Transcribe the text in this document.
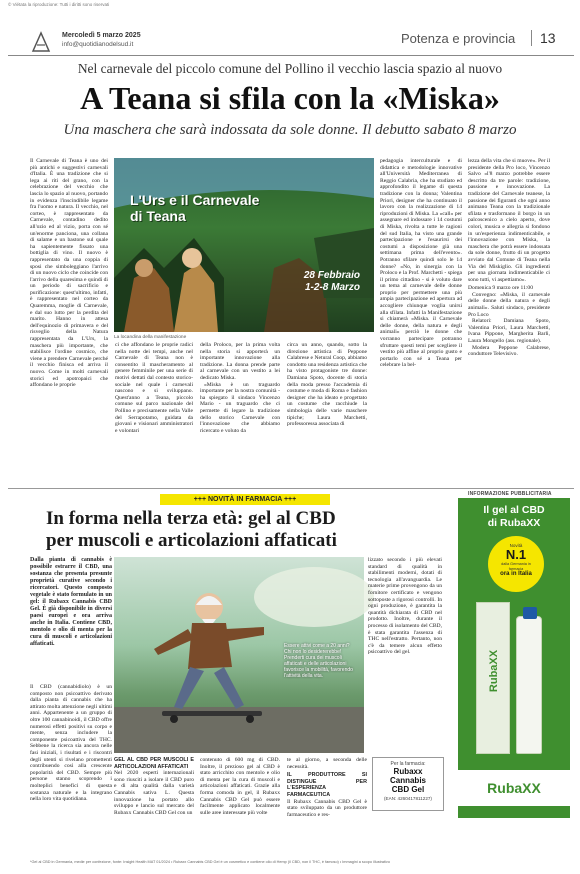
© Viétata la riproduzione: Tutti i diritti sono riservati
Mercoledì 5 marzo 2025
info@quotidianodelsud.it	Potenza e provincia 13
Nel carnevale del piccolo comune del Pollino il vecchio lascia spazio al nuovo
A Teana si sfila con la «Miska»
Una maschera che sarà indossata da sole donne. Il debutto sabato 8 marzo
L'Urs e il Carnevale
di Teana
28 Febbraio
1-2-8 Marzo
La locandina della manifestazione

Il Carnevale di Teana è uno dei più antichi e suggestivi carnevali d'Italia. È una tradizione che si lega ai riti del grano, con la celebrazione del vecchio che lascia lo spazio al nuovo, portando in evidenza l'inscindibile legame fra l'uomo e natura. Il vecchio, nel corteo, è rappresentato da Carnevale, contadino dedito all'ozio ed al vizio, porta con sé un'enorme panciona, una collana di salame e un bastone sul quale ha sapientemente fissato una bottiglia di vino. Il nuovo è rappresentato da una coppia di sposi che simboleggiano l'arrivo di un nuovo ciclo che coincide con l'arrivo della quaresima e quindi di un periodo di sacrificio e purificazione: quest'ultimo, infatti, è rappresentato nel corteo da Quaremma, moglie di Carnevale, e dal suo lutto per la perdita del marito. Hanno in attesa dell'equinozio di primavera e del risveglio della Natura rappresentata da L'Urs, la maschera più importante, che stabilisce l'ordine cosmico, che viene a prendere Carnevale perché il vecchio finisca ed arriva il nuovo. Come in molti carnevali storici ed apotropaici che affondano le proprie

ci che affondano le proprie radici nella notte dei tempi, anche nel Carnevale di Teana non è consentito il mascheramento al genere femminile per una serie di motivi dettati dal contesto storico-sociale nel quale i carnevali nascono e si sviluppano. Quest'anno a Teana, piccolo comune sul parco nazionale del Pollino e precisamente nella Valle del Serrapotamo, guidata da giovani e visionari amministratori e volontari

della Proloco, per la prima volta nella storia si apporterà un importante innovazione alla tradizione. La donna prende parte al carnevale con un vestito a lei dedicato Miska.

«Miska è un traguardo importante per la nostra comunità - ha spiegato il sindaco Vincenzo Mario - un traguardo che ci permette di legare la tradizione dello storico Carnevale con l'innovazione che abbiamo ricercato e voluto da

circa un anno, quando, sotto la direzione artistica di Peppone Calabrese e Netural Coop, abbiamo condotto una residenza artistica che ha visto protagoniste tre donne: Damiana Spoto, docente di storia della moda presso l'accademia di costume e moda di Roma e fashion designer che ha ideato e progettato un costume che racchiude la simbologia delle varie maschere tipiche; Laura Marchetti, professoressa associata di

pedagogia interculturale e di didattica e metodologie innovative all'Università Mediterranea di Reggio Calabria, che ha studiato ed approfondito il legame di questa tradizione con la donna; Valentina Priori, designer che ha continuato il lavoro con la realizzazione di 14 riproduzioni di Miska. La «call» per assegnare ed indossare i 14 costumi di Miska, rivolta a tutte le ragioni del sud Italia, ha visto una grande partecipazione e l'esaurirsi dei costumi a disposizione già una settimana prima dell'evento». Potranno sfilare quindi solo le 14 donne? «No, in sinergia con la Proloco e la Prof. Marchetti - spiega il primo cittadino - si è voluto dare un tema al carnevale delle donne proprio per permettere una più ampia partecipazione ed apertura ad accogliere chiunque voglia unirsi alla sfilata. Infatti la Manifestazione si chiamerà «Miska. il Carnevale delle donne, della natura e degli animali» perciò le donne che vorranno partecipare potranno sfruttare questi temi per scegliere il vestito più affine al proprio gusto e portarlo con sé a Teana per celebrare la bel-

lezza della vita che si muove». Per il presidente della Pro loco, Vincenzo Salvo «l'8 marzo potrebbe essere descritto da tre parole: tradizione, passione e innovazione. La tradizione del Carnevale teanese, la passione dei figuranti che ogni anno animano Teana con la tradizionale sfilata e trasformano il borgo in un palcoscenico a cielo aperto, dove colori, musica e allegria si fondono in un'esperienza indimenticabile, e l'innovazione con Miska, la maschera che potrà essere indossata da sole donne, frutto di un progetto avviato dal Comune di Teana nella Via del Miskiglio. Gli ingredienti per una giornata indimenticabile ci sono tutti, vi aspettiamo».

Domenica 9 marzo ore 11:00

Convegno: «Miska, il carnevale delle donne della natura e degli animali». Saluti sindaco, presidente Pro Loco

Relatori: Damiana Spoto, Valentina Priori, Laura Marchetti, Ivana Pippone, Margherita Barli, Laura Mongello (ass. regionale).

Modera Peppone Calabrese, conduttore Televisivo.

INFORMAZIONE PUBBLICITARIA
+++ NOVITÀ IN FARMACIA +++
In forma nella terza età: gel al CBD
per muscoli e articolazioni affaticati

Dalla pianta di cannabis è possibile estrarre il CBD, una sostanza che presenta presunte proprietà curative secondo i ricercatori. Questo composto vegetale è stato formulato in un gel: il Rubaxx Cannabis CBD Gel. È già disponibile in diversi paesi europei e ora arriva anche in Italia. Contiene CBD, mentolo e olio di menta per la cura di muscoli e articolazioni affaticati.

Il CBD (cannabidiolo) è un composto non psicoattivo derivato dalla pianta di cannabis che ha attirato molta attenzione negli ultimi anni. Appartenente a un gruppo di oltre 100 cannabinoidi, il CBD offre numerosi effetti positivi su corpo e mente, senza includere la componente psicoattiva del THC. Sebbene la ricerca sia ancora nelle fasi iniziali, i risultati e i riscontri degli utenti si rivelano promettenti contribuendo così alla crescente popolarità del CBD. Sempre più persone stanno scoprendo i molteplici benefici di questa sostanza naturale e la integrano nella loro vita quotidiana.

Essere attivi come a 20 anni? Chi non lo desidererebbe! Prenderti cura dei muscoli affaticati e delle articolazioni favorisce la mobilità, favorendo l'attività della vita.

lizzato secondo i più elevati standard di qualità in stabilimenti moderni, dotati di tecnologia all'avanguardia. Le materie prime provengono da un fornitore certificato e vengono sottoposte a rigorosi controlli. In ogni produzione, è garantita la quantità dichiarata di CBD nel prodotto. Inoltre, durante il processo di isolamento del CBD, è stata garantita l'assenza di THC nell'estratto. Pertanto, non c'è da temere alcun effetto psicoattivo del gel.

GEL AL CBD PER MUSCOLI E ARTICOLAZIONI AFFATICATI

Nel 2020 esperti internazionali sono riusciti a isolare il CBD puro e di alta qualità dalla varietà Cannabis sativa L. Questa innovazione ha portato allo sviluppo e lancio sul mercato del Rubaxx Cannabis CBD Gel con un

contenuto di 600 mg di CBD. Inoltre, il prezioso gel al CBD è stato arricchito con mentolo e olio di menta per la cura di muscoli e articolazioni affaticati. Grazie alla forma comoda in gel, il Rubaxx Cannabis CBD Gel può essere facilmente applicato localmente sulle aree interessate più volte

te al giorno, a seconda delle necessità.

IL PRODUTTORE SI DISTINGUE PER L'ESPERIENZA FARMACEUTICA

Il Rubaxx Cannabis CBD Gel è stato sviluppato da un produttore farmaceutico e res-

Per la farmacia:
Rubaxx
Cannabis
CBD Gel
(EAN: 4260417811227)
Il gel al CBD
di RubaXX
Novità
N.1
dalla Germania in farmacia
ora in Italia
RubaXX
RubaXX
*Gel al CBD in Germania, medie per confezione, fonte: Insight Health MAT 01/2024 • Rubaxx Cannabis CBD Gel è un cosmetico e contiene olio di Hemp (il CBD, non il THC, è famoso) • Immagini a scopo illustrativo
